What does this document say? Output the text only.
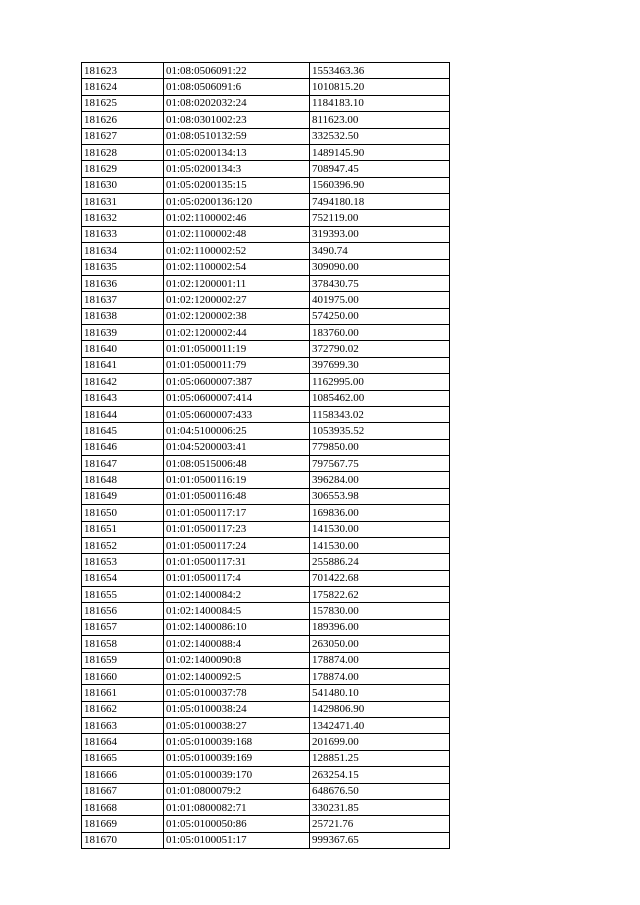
181623	01:08:0506091:22	1553463.36
181624	01:08:0506091:6	1010815.20
181625	01:08:0202032:24	1184183.10
181626	01:08:0301002:23	811623.00
181627	01:08:0510132:59	332532.50
181628	01:05:0200134:13	1489145.90
181629	01:05:0200134:3	708947.45
181630	01:05:0200135:15	1560396.90
181631	01:05:0200136:120	7494180.18
181632	01:02:1100002:46	752119.00
181633	01:02:1100002:48	319393.00
181634	01:02:1100002:52	3490.74
181635	01:02:1100002:54	309090.00
181636	01:02:1200001:11	378430.75
181637	01:02:1200002:27	401975.00
181638	01:02:1200002:38	574250.00
181639	01:02:1200002:44	183760.00
181640	01:01:0500011:19	372790.02
181641	01:01:0500011:79	397699.30
181642	01:05:0600007:387	1162995.00
181643	01:05:0600007:414	1085462.00
181644	01:05:0600007:433	1158343.02
181645	01:04:5100006:25	1053935.52
181646	01:04:5200003:41	779850.00
181647	01:08:0515006:48	797567.75
181648	01:01:0500116:19	396284.00
181649	01:01:0500116:48	306553.98
181650	01:01:0500117:17	169836.00
181651	01:01:0500117:23	141530.00
181652	01:01:0500117:24	141530.00
181653	01:01:0500117:31	255886.24
181654	01:01:0500117:4	701422.68
181655	01:02:1400084:2	175822.62
181656	01:02:1400084:5	157830.00
181657	01:02:1400086:10	189396.00
181658	01:02:1400088:4	263050.00
181659	01:02:1400090:8	178874.00
181660	01:02:1400092:5	178874.00
181661	01:05:0100037:78	541480.10
181662	01:05:0100038:24	1429806.90
181663	01:05:0100038:27	1342471.40
181664	01:05:0100039:168	201699.00
181665	01:05:0100039:169	128851.25
181666	01:05:0100039:170	263254.15
181667	01:01:0800079:2	648676.50
181668	01:01:0800082:71	330231.85
181669	01:05:0100050:86	25721.76
181670	01:05:0100051:17	999367.65
